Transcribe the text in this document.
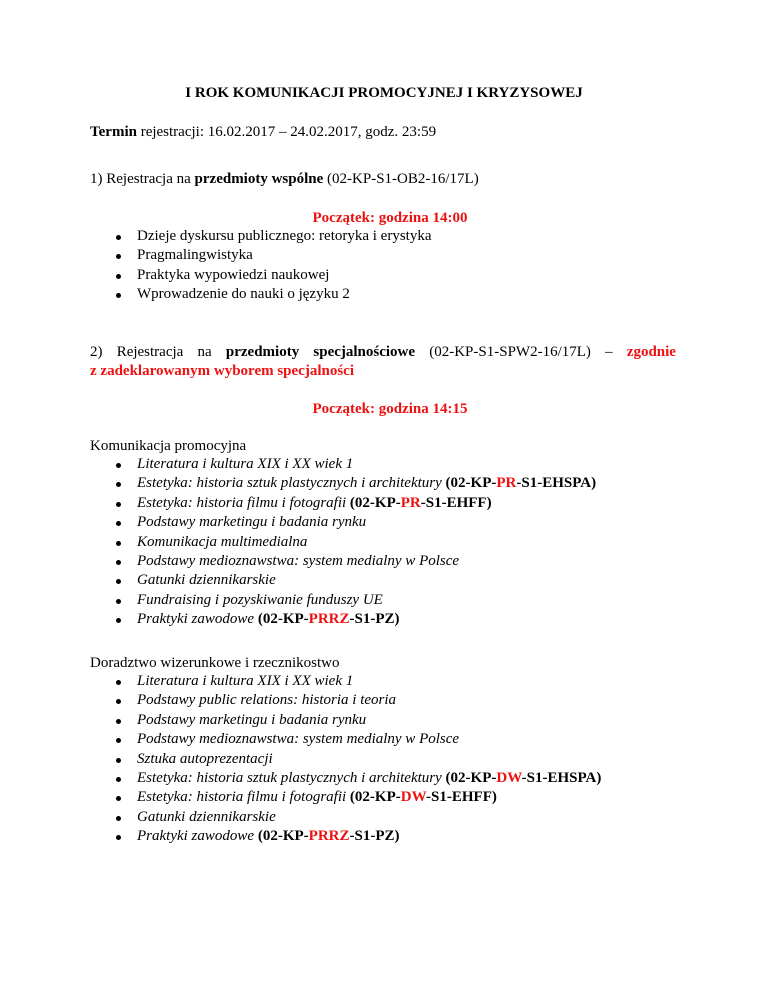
I ROK KOMUNIKACJI PROMOCYJNEJ I KRYZYSOWEJ
Termin rejestracji: 16.02.2017 – 24.02.2017, godz. 23:59
1) Rejestracja na przedmioty wspólne (02-KP-S1-OB2-16/17L)
Początek: godzina 14:00
Dzieje dyskursu publicznego: retoryka i erystyka
Pragmalingwistyka
Praktyka wypowiedzi naukowej
Wprowadzenie do nauki o języku 2
2) Rejestracja na przedmioty specjalnościowe (02-KP-S1-SPW2-16/17L) – zgodnie
z zadeklarowanym wyborem specjalności
Początek: godzina 14:15
Komunikacja promocyjna
Literatura i kultura XIX i XX wiek 1
Estetyka: historia sztuk plastycznych i architektury (02-KP-PR-S1-EHSPA)
Estetyka: historia filmu i fotografii (02-KP-PR-S1-EHFF)
Podstawy marketingu i badania rynku
Komunikacja multimedialna
Podstawy medioznawstwa: system medialny w Polsce
Gatunki dziennikarskie
Fundraising i pozyskiwanie funduszy UE
Praktyki zawodowe (02-KP-PRRZ-S1-PZ)
Doradztwo wizerunkowe i rzecznikostwo
Literatura i kultura XIX i XX wiek 1
Podstawy public relations: historia i teoria
Podstawy marketingu i badania rynku
Podstawy medioznawstwa: system medialny w Polsce
Sztuka autoprezentacji
Estetyka: historia sztuk plastycznych i architektury (02-KP-DW-S1-EHSPA)
Estetyka: historia filmu i fotografii (02-KP-DW-S1-EHFF)
Gatunki dziennikarskie
Praktyki zawodowe (02-KP-PRRZ-S1-PZ)
